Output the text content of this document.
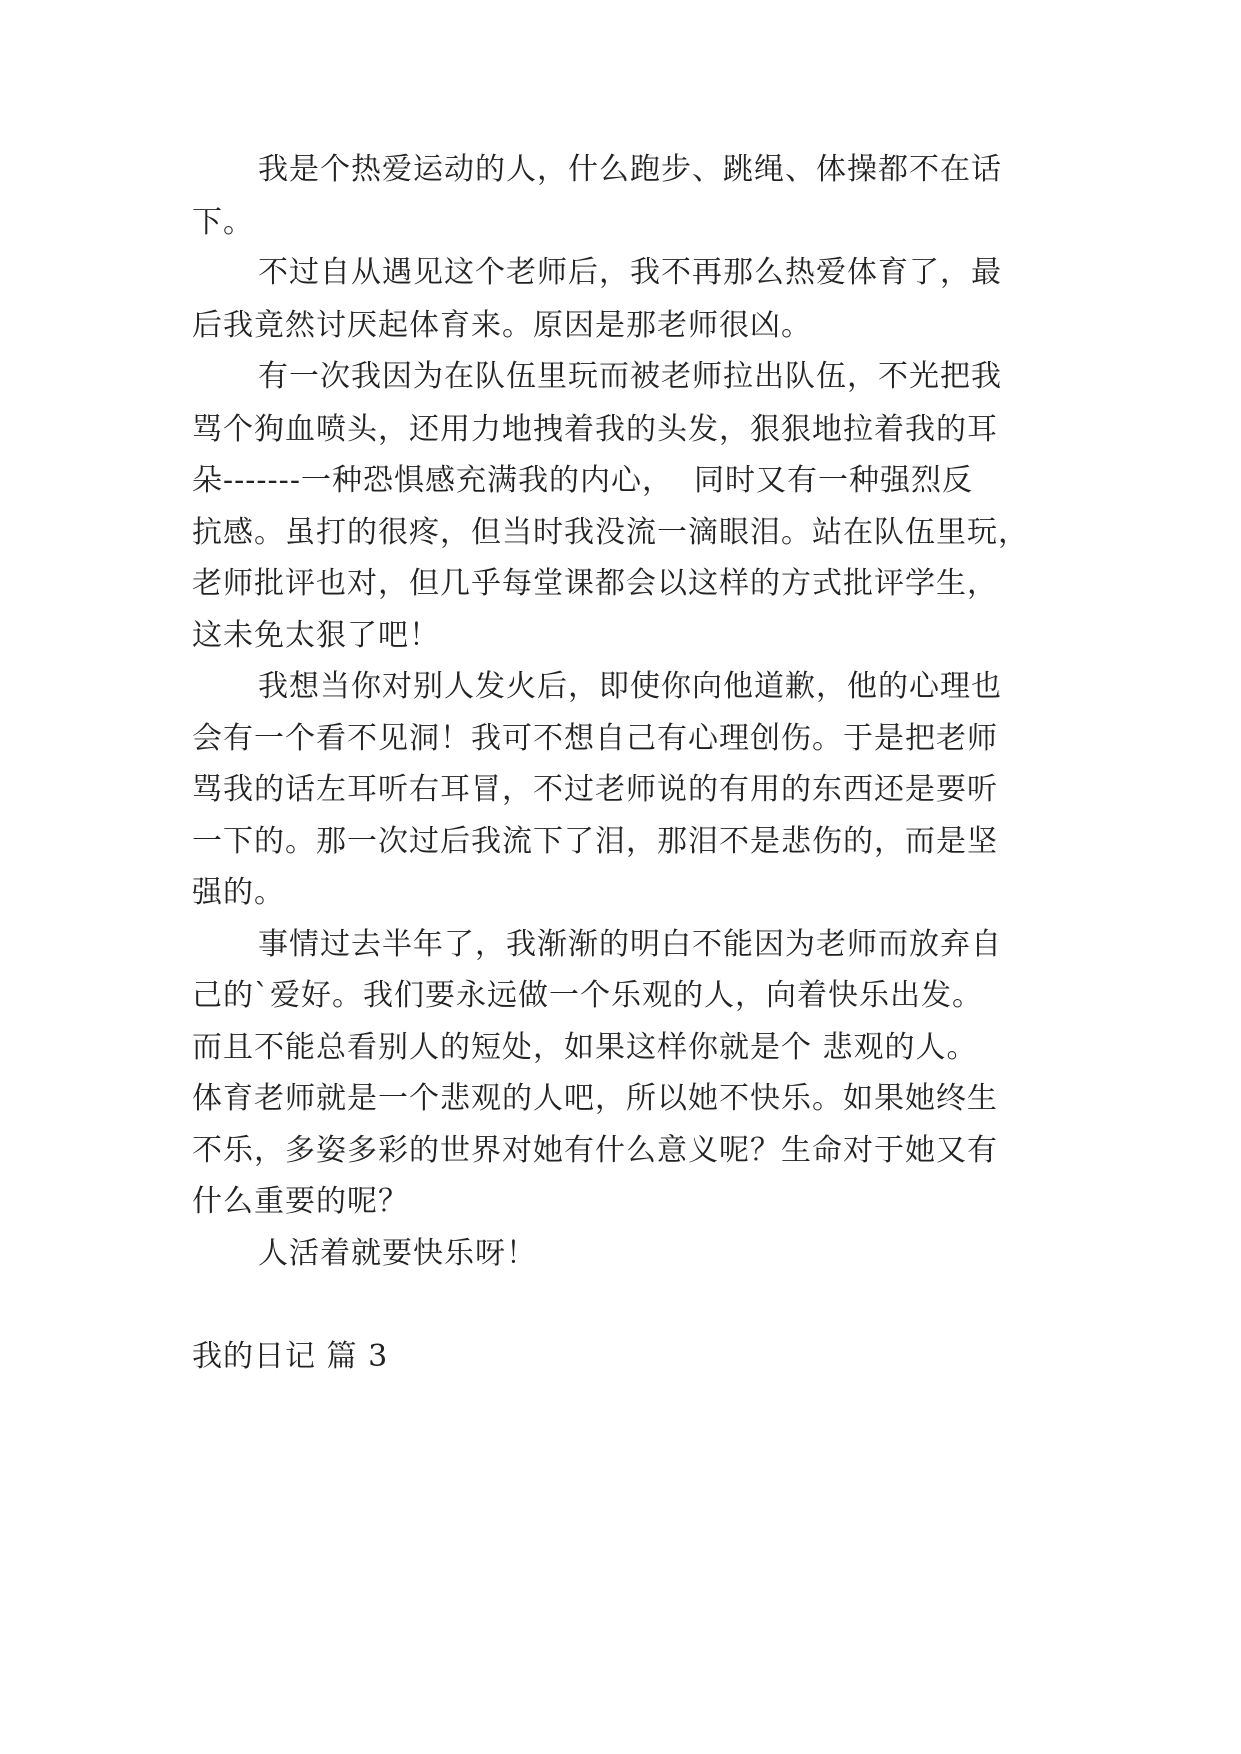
我是个热爱运动的人，什么跑步、跳绳、体操都不在话
下。
不过自从遇见这个老师后，我不再那么热爱体育了，最
后我竟然讨厌起体育来。原因是那老师很凶。
有一次我因为在队伍里玩而被老师拉出队伍，不光把我
骂个狗血喷头，还用力地拽着我的头发，狠狠地拉着我的耳
朵-------一种恐惧感充满我的内心，  同时又有一种强烈反
抗感。虽打的很疼，但当时我没流一滴眼泪。站在队伍里玩，
老师批评也对，但几乎每堂课都会以这样的方式批评学生，
这未免太狠了吧！
我想当你对别人发火后，即使你向他道歉，他的心理也
会有一个看不见洞！我可不想自己有心理创伤。于是把老师
骂我的话左耳听右耳冒，不过老师说的有用的东西还是要听
一下的。那一次过后我流下了泪，那泪不是悲伤的，而是坚
强的。
事情过去半年了，我渐渐的明白不能因为老师而放弃自
己的`爱好。我们要永远做一个乐观的人，向着快乐出发。
而且不能总看别人的短处，如果这样你就是个 悲观的人。
体育老师就是一个悲观的人吧，所以她不快乐。如果她终生
不乐，多姿多彩的世界对她有什么意义呢？生命对于她又有
什么重要的呢？
人活着就要快乐呀！
我的日记 篇 3
